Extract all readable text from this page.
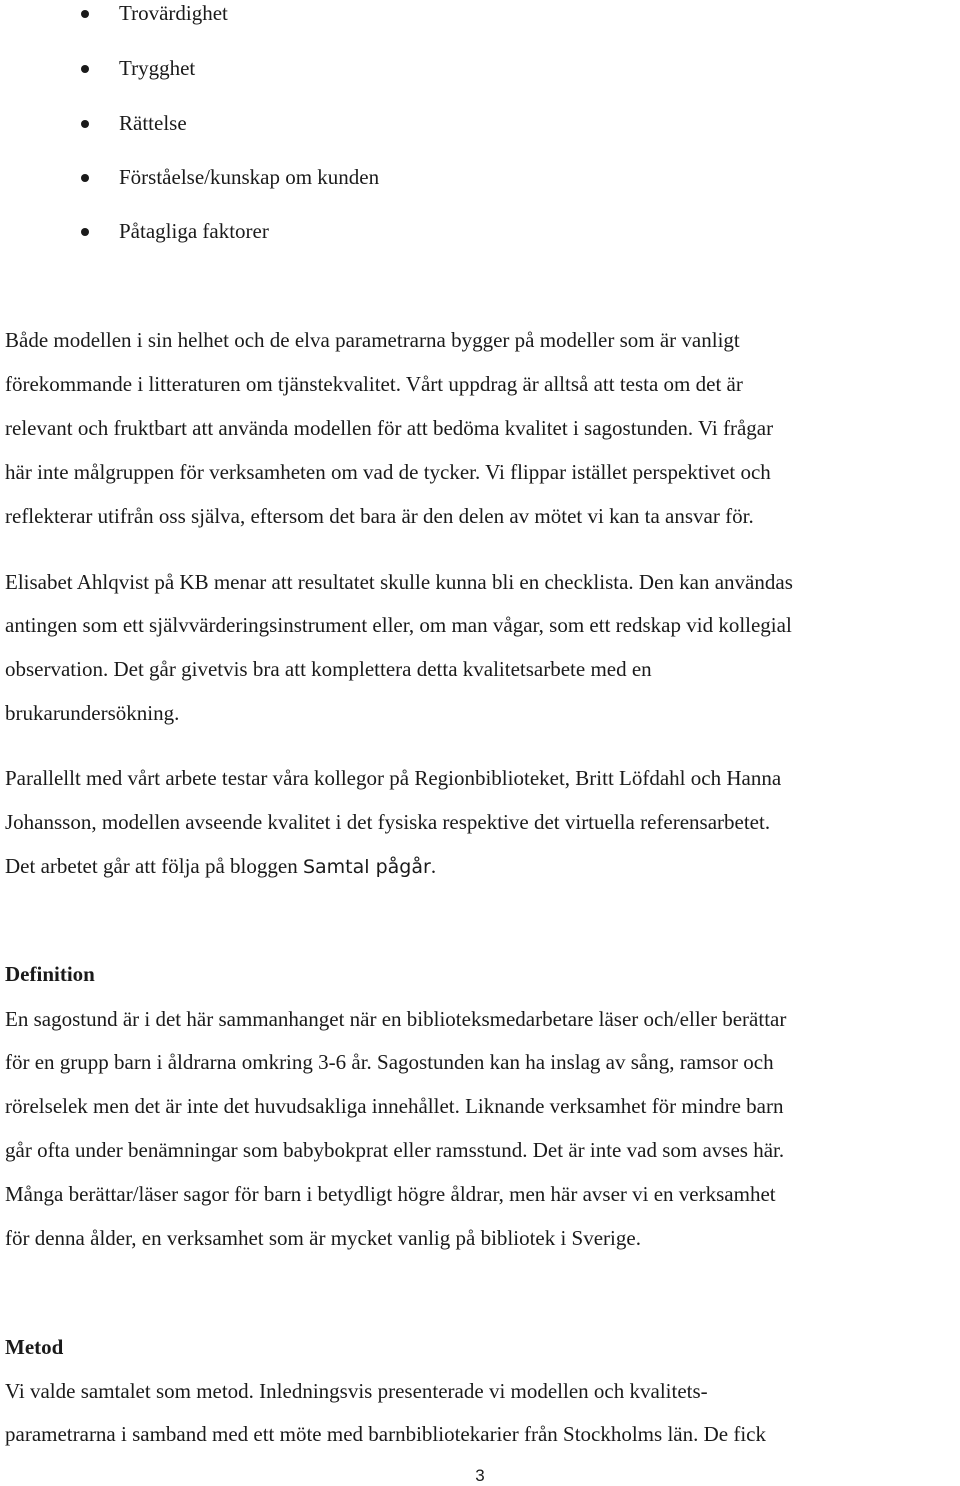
Trovärdighet
Trygghet
Rättelse
Förståelse/kunskap om kunden
Påtagliga faktorer
Både modellen i sin helhet och de elva parametrarna bygger på modeller som är vanligt
förekommande i litteraturen om tjänstekvalitet. Vårt uppdrag är alltså att testa om det är
relevant och fruktbart att använda modellen för att bedöma kvalitet i sagostunden. Vi frågar
här inte målgruppen för verksamheten om vad de tycker. Vi flippar istället perspektivet och
reflekterar utifrån oss själva, eftersom det bara är den delen av mötet vi kan ta ansvar för.
Elisabet Ahlqvist på KB menar att resultatet skulle kunna bli en checklista. Den kan användas
antingen som ett självvärderingsinstrument eller, om man vågar, som ett redskap vid kollegial
observation. Det går givetvis bra att komplettera detta kvalitetsarbete med en
brukarundersökning.
Parallellt med vårt arbete testar våra kollegor på Regionbiblioteket, Britt Löfdahl och Hanna
Johansson, modellen avseende kvalitet i det fysiska respektive det virtuella referensarbetet.
Det arbetet går att följa på bloggen Samtal pågår.
Definition
En sagostund är i det här sammanhanget när en biblioteksmedarbetare läser och/eller berättar
för en grupp barn i åldrarna omkring 3-6 år. Sagostunden kan ha inslag av sång, ramsor och
rörelselek men det är inte det huvudsakliga innehållet. Liknande verksamhet för mindre barn
går ofta under benämningar som babybokprat eller ramsstund. Det är inte vad som avses här.
Många berättar/läser sagor för barn i betydligt högre åldrar, men här avser vi en verksamhet
för denna ålder, en verksamhet som är mycket vanlig på bibliotek i Sverige.
Metod
Vi valde samtalet som metod. Inledningsvis presenterade vi modellen och kvalitets-
parametrarna i samband med ett möte med barnbibliotekarier från Stockholms län. De fick
3
